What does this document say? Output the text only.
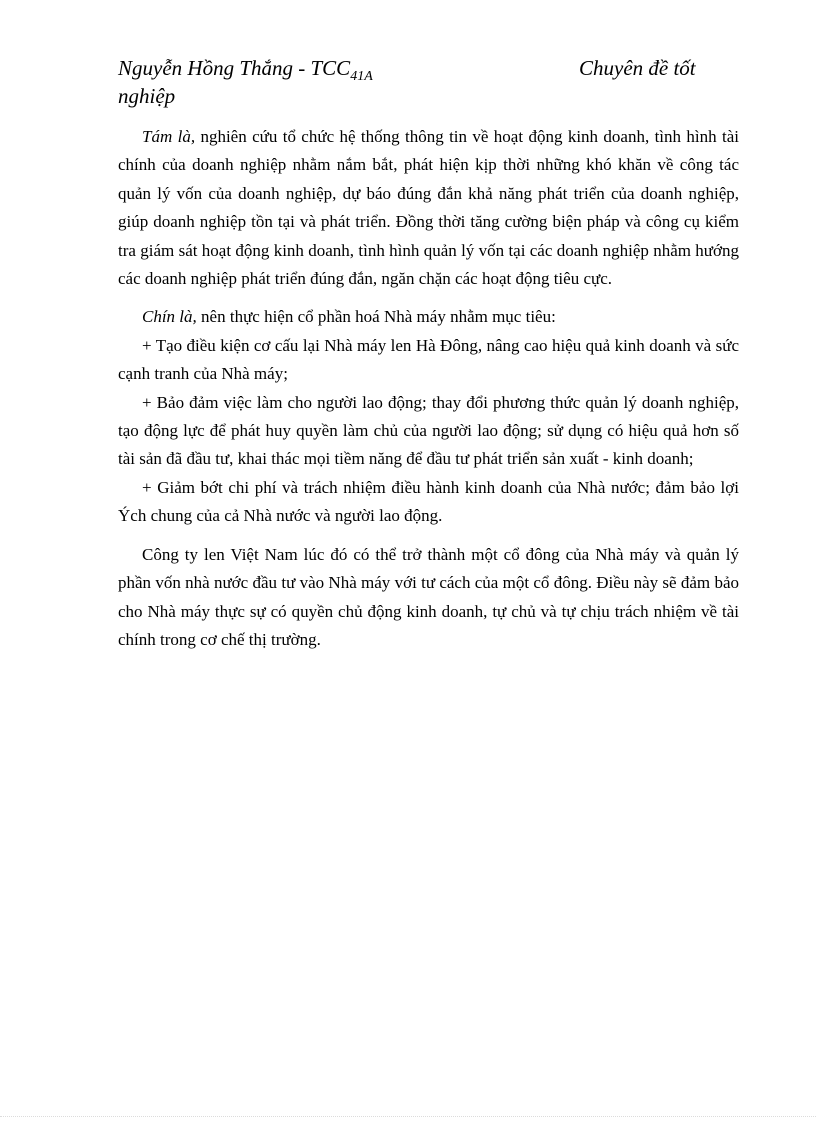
Nguyễn Hồng Thắng - $TCC_{41A}$	Chuyên đề tốt
nghiệp

Tám là, nghiên cứu tổ chức hệ thống thông tin về hoạt động kinh doanh, tình hình tài chính của doanh nghiệp nhằm nắm bắt, phát hiện kịp thời những khó khăn về công tác quản lý vốn của doanh nghiệp, dự báo đúng đắn khả năng phát triển của doanh nghiệp, giúp doanh nghiệp tồn tại và phát triển. Đồng thời tăng cường biện pháp và công cụ kiểm tra giám sát hoạt động kinh doanh, tình hình quản lý vốn tại các doanh nghiệp nhằm hướng các doanh nghiệp phát triển đúng đắn, ngăn chặn các hoạt động tiêu cực.

Chín là, nên thực hiện cổ phần hoá Nhà máy nhằm mục tiêu:

+ Tạo điều kiện cơ cấu lại Nhà máy len Hà Đông, nâng cao hiệu quả kinh doanh và sức cạnh tranh của Nhà máy;

+ Bảo đảm việc làm cho người lao động; thay đổi phương thức quản lý doanh nghiệp, tạo động lực để phát huy quyền làm chủ của người lao động; sử dụng có hiệu quả hơn số tài sản đã đầu tư, khai thác mọi tiềm năng để đầu tư phát triển sản xuất - kinh doanh;

+ Giảm bớt chi phí và trách nhiệm điều hành kinh doanh của Nhà nước; đảm bảo lợi Ých chung của cả Nhà nước và người lao động.

Công ty len Việt Nam lúc đó có thể trở thành một cổ đông của Nhà máy và quản lý phần vốn nhà nước đầu tư vào Nhà máy với tư cách của một cổ đông. Điều này sẽ đảm bảo cho Nhà máy thực sự có quyền chủ động kinh doanh, tự chủ và tự chịu trách nhiệm về tài chính trong cơ chế thị trường.
